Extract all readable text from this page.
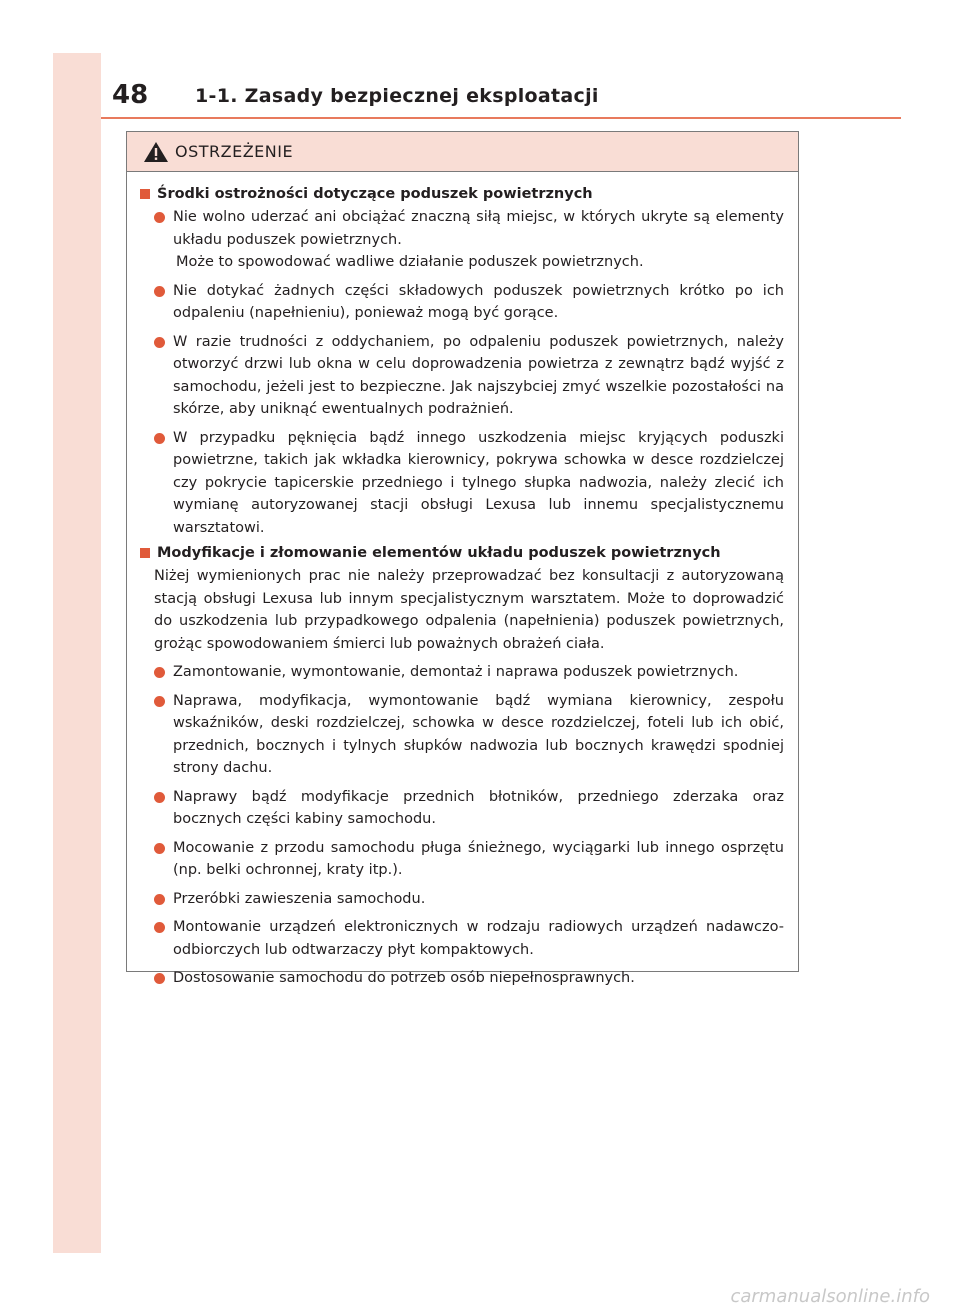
48 1-1. Zasady bezpiecznej eksploatacji
OSTRZEŻENIE
Środki ostrożności dotyczące poduszek powietrznych
Nie wolno uderzać ani obciążać znaczną siłą miejsc, w których ukryte są elementy układu poduszek powietrznych.
Może to spowodować wadliwe działanie poduszek powietrznych.
Nie dotykać żadnych części składowych poduszek powietrznych krótko po ich odpaleniu (napełnieniu), ponieważ mogą być gorące.
W razie trudności z oddychaniem, po odpaleniu poduszek powietrznych, należy otworzyć drzwi lub okna w celu doprowadzenia powietrza z zewnątrz bądź wyjść z samochodu, jeżeli jest to bezpieczne. Jak najszybciej zmyć wszelkie pozostałości na skórze, aby uniknąć ewentualnych podrażnień.
W przypadku pęknięcia bądź innego uszkodzenia miejsc kryjących poduszki powietrzne, takich jak wkładka kierownicy, pokrywa schowka w desce rozdzielczej czy pokrycie tapicerskie przedniego i tylnego słupka nadwozia, należy zlecić ich wymianę autoryzowanej stacji obsługi Lexusa lub innemu specjalistycznemu warsztatowi.
Modyfikacje i złomowanie elementów układu poduszek powietrznych
Niżej wymienionych prac nie należy przeprowadzać bez konsultacji z autoryzowaną stacją obsługi Lexusa lub innym specjalistycznym warsztatem. Może to doprowadzić do uszkodzenia lub przypadkowego odpalenia (napełnienia) poduszek powietrznych, grożąc spowodowaniem śmierci lub poważnych obrażeń ciała.
Zamontowanie, wymontowanie, demontaż i naprawa poduszek powietrznych.
Naprawa, modyfikacja, wymontowanie bądź wymiana kierownicy, zespołu wskaźników, deski rozdzielczej, schowka w desce rozdzielczej, foteli lub ich obić, przednich, bocznych i tylnych słupków nadwozia lub bocznych krawędzi spodniej strony dachu.
Naprawy bądź modyfikacje przednich błotników, przedniego zderzaka oraz bocznych części kabiny samochodu.
Mocowanie z przodu samochodu pługa śnieżnego, wyciągarki lub innego osprzętu (np. belki ochronnej, kraty itp.).
Przeróbki zawieszenia samochodu.
Montowanie urządzeń elektronicznych w rodzaju radiowych urządzeń nadawczo-odbiorczych lub odtwarzaczy płyt kompaktowych.
Dostosowanie samochodu do potrzeb osób niepełnosprawnych.
carmanualsonline.info
